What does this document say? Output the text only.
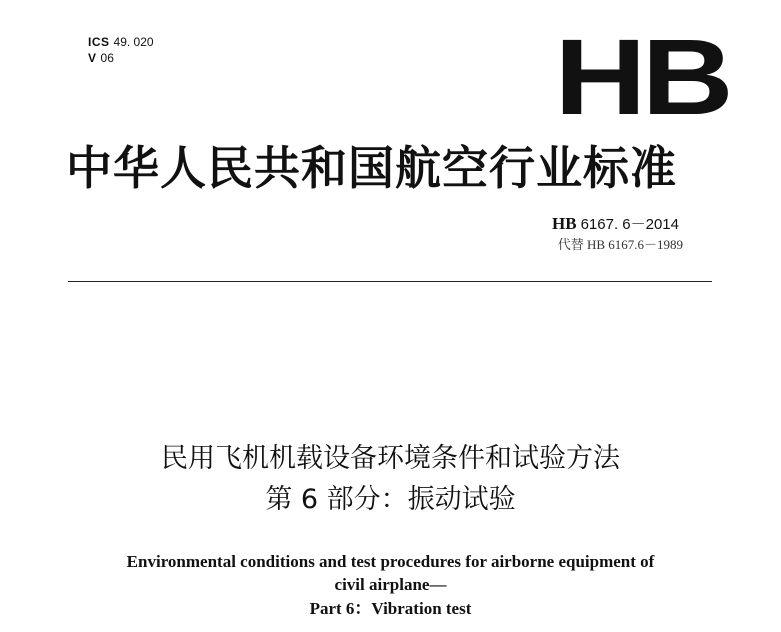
ICS 49. 020
V 06	HB
中华人民共和国航空行业标准
HB 6167. 6－2014
代替 HB 6167.6－1989
民用飞机机载设备环境条件和试验方法
第 6 部分：振动试验
Environmental conditions and test procedures for airborne equipment of
civil airplane—
Part 6：Vibration test
